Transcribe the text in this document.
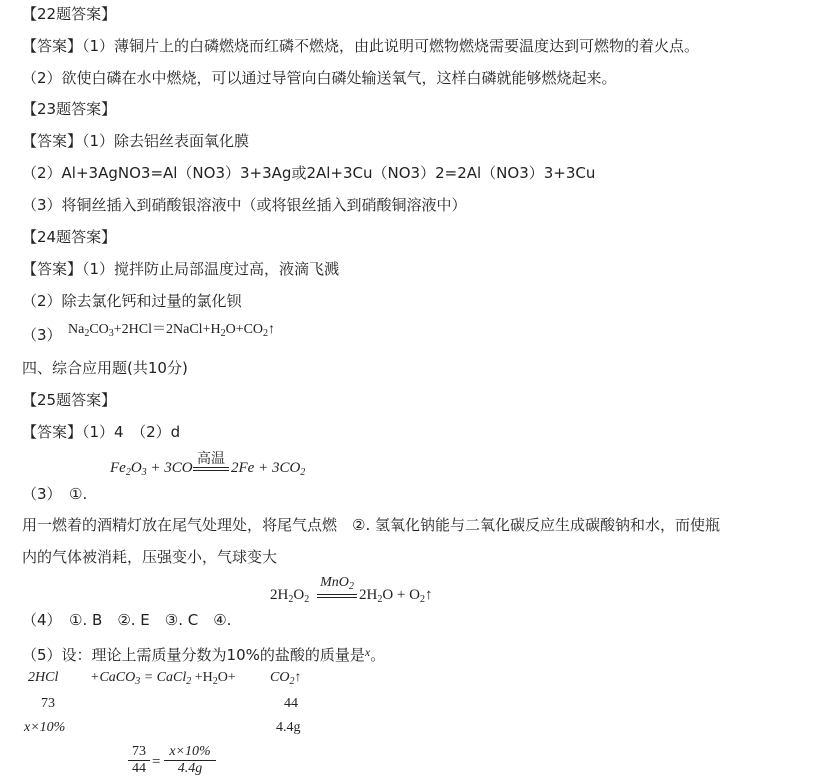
【22题答案】
【答案】（1）薄铜片上的白磷燃烧而红磷不燃烧，由此说明可燃物燃烧需要温度达到可燃物的着火点。
（2）欲使白磷在水中燃烧，可以通过导管向白磷处输送氧气，这样白磷就能够燃烧起来。
【23题答案】
【答案】（1）除去铝丝表面氧化膜
（2）Al+3AgNO3=Al（NO3）3+3Ag或2Al+3Cu（NO3）2=2Al（NO3）3+3Cu
（3）将铜丝插入到硝酸银溶液中（或将银丝插入到硝酸铜溶液中）
【24题答案】
【答案】（1）搅拌防止局部温度过高，液滴飞溅
（2）除去氯化钙和过量的氯化钡
（3） $Na_2CO_3+2HCl=2NaCl+H_2O+CO_2↑$
四、综合应用题(共10分)
【25题答案】
【答案】（1）4　（2）d
高温
$Fe_2O_3 + 3CO$	$2Fe + 3CO_2$
（3）　①.
用一燃着的酒精灯放在尾气处理处，将尾气点燃　②. 氢氧化钠能与二氧化碳反应生成碳酸钠和水，而使瓶
内的气体被消耗，压强变小，气球变大
MnO$_2$
$2H_2O_2$	$2H_2O$ + $O_2↑$
（4）　①. B　②. E　③. C　④.
（5）设：理论上需质量分数为10%的盐酸的质量是$^x$。
2HCl +CaCO$_3$ = CaCl$_2$ $+H_2O+$ $CO_2↑$
73	44
x×10%	4.4g
73
44 =
x×10%
4.4g
